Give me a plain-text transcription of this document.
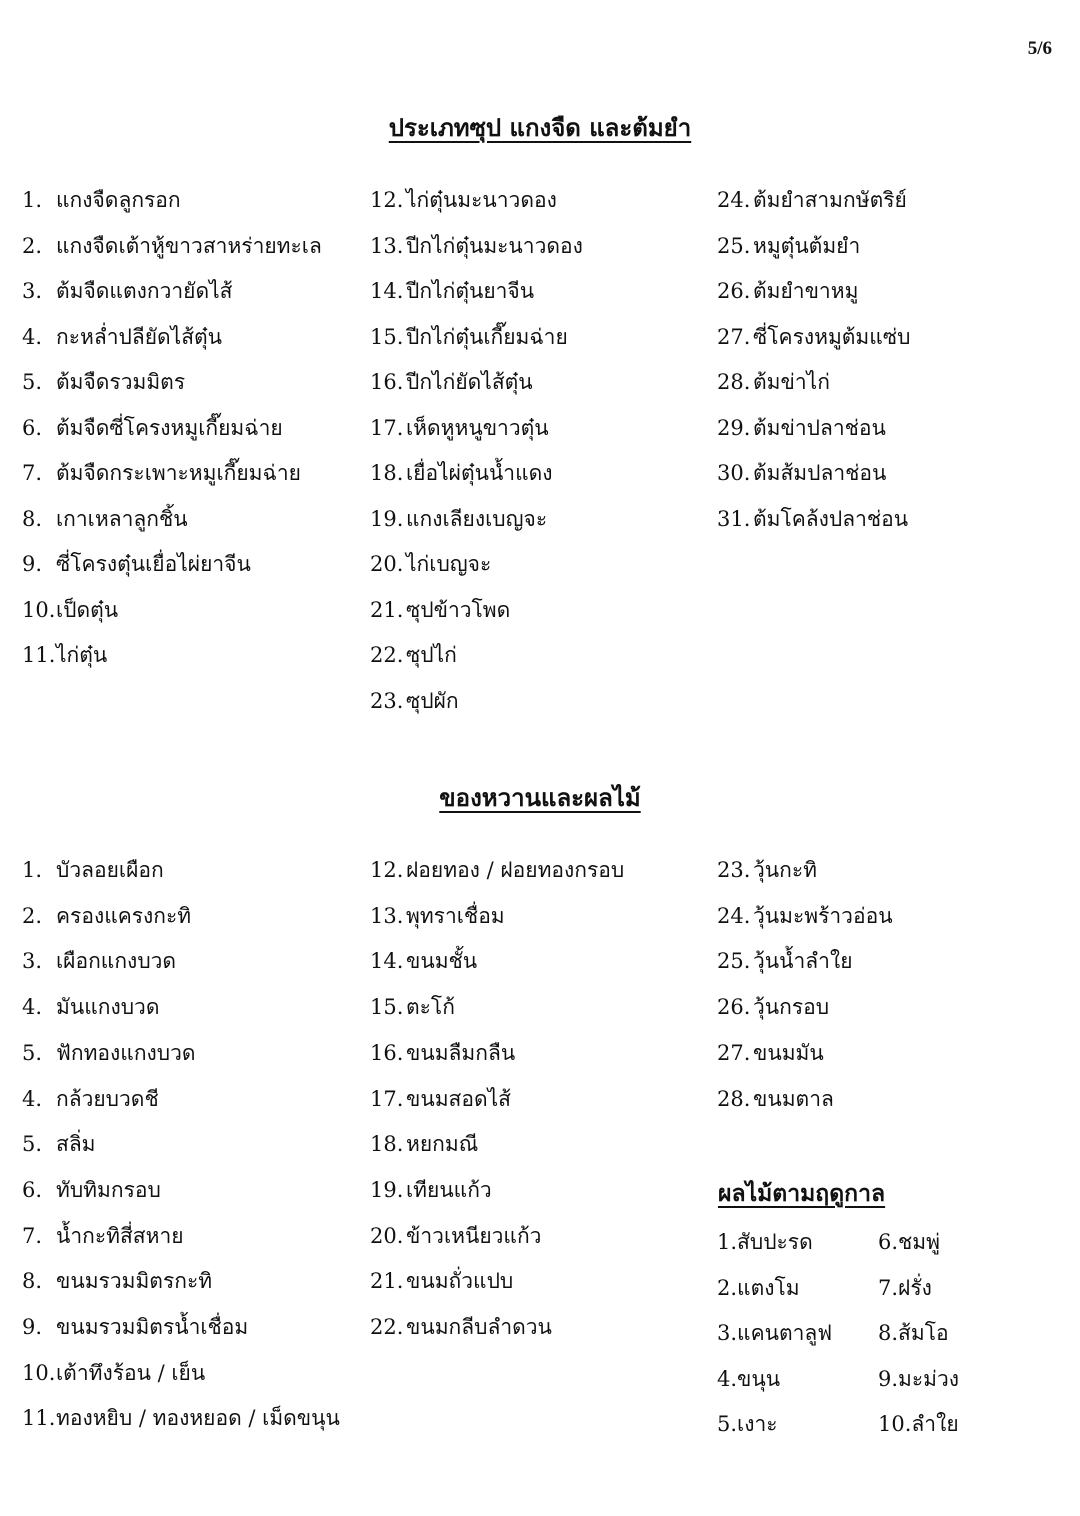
5/6
ประเภทซุป แกงจืด และต้มยำ
1. แกงจืดลูกรอก
2. แกงจืดเต้าหู้ขาวสาหร่ายทะเล
3. ต้มจืดแตงกวายัดไส้
4. กะหล่ำปลียัดไส้ตุ๋น
5. ต้มจืดรวมมิตร
6. ต้มจืดซี่โครงหมูเกี๊ยมฉ่าย
7. ต้มจืดกระเพาะหมูเกี๊ยมฉ่าย
8. เกาเหลาลูกชิ้น
9. ซี่โครงตุ๋นเยื่อไผ่ยาจีน
10.เป็ดตุ๋น
11.ไก่ตุ๋น
12. ไก่ตุ๋นมะนาวดอง
13. ปีกไก่ตุ๋นมะนาวดอง
14. ปีกไก่ตุ๋นยาจีน
15. ปีกไก่ตุ๋นเกี๊ยมฉ่าย
16. ปีกไก่ยัดไส้ตุ๋น
17. เห็ดหูหนูขาวตุ๋น
18. เยื่อไผ่ตุ๋นน้ำแดง
19. แกงเลียงเบญจะ
20. ไก่เบญจะ
21. ซุปข้าวโพด
22. ซุปไก่
23. ซุปผัก
24. ต้มยำสามกษัตริย์
25. หมูตุ๋นต้มยำ
26. ต้มยำขาหมู
27. ซี่โครงหมูต้มแซ่บ
28. ต้มข่าไก่
29. ต้มข่าปลาช่อน
30. ต้มส้มปลาช่อน
31. ต้มโคล้งปลาช่อน
ของหวานและผลไม้
1. บัวลอยเผือก
2. ครองแครงกะทิ
3. เผือกแกงบวด
4. มันแกงบวด
5. ฟักทองแกงบวด
4. กล้วยบวดชี
5. สลิ่ม
6. ทับทิมกรอบ
7. น้ำกะทิสี่สหาย
8. ขนมรวมมิตรกะทิ
9. ขนมรวมมิตรน้ำเชื่อม
10.เต้าทึงร้อน / เย็น
11.ทองหยิบ / ทองหยอด / เม็ดขนุน
12. ฝอยทอง / ฝอยทองกรอบ
13. พุทราเชื่อม
14. ขนมชั้น
15. ตะโก้
16. ขนมลืมกลืน
17. ขนมสอดไส้
18. หยกมณี
19. เทียนแก้ว
20. ข้าวเหนียวแก้ว
21. ขนมถั่วแปบ
22. ขนมกลีบลำดวน
23. วุ้นกะทิ
24. วุ้นมะพร้าวอ่อน
25. วุ้นน้ำลำใย
26. วุ้นกรอบ
27. ขนมมัน
28. ขนมตาล
ผลไม้ตามฤดูกาล
1.สับปะรด
2.แตงโม
3.แคนตาลูฟ
4.ขนุน
5.เงาะ
6.ชมพู่
7.ฝรั่ง
8.ส้มโอ
9.มะม่วง
10.ลำใย
